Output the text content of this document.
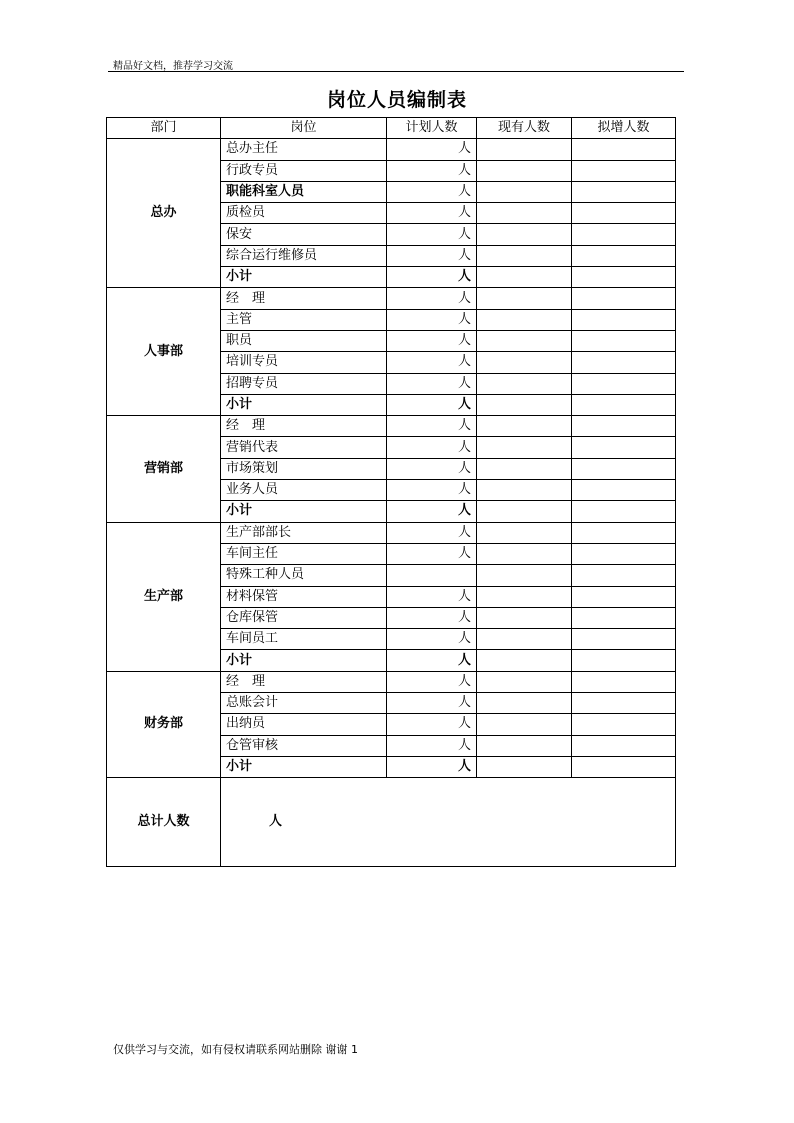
精品好文档，推荐学习交流
岗位人员编制表
部门	岗位	计划人数	现有人数	拟增人数
总办	总办主任	人		
	行政专员	人		
	职能科室人员	人		
	质检员	人		
	保安	人		
	综合运行维修员	人		
	小计	人		
人事部	经　理	人		
	主管	人		
	职员	人		
	培训专员	人		
	招聘专员	人		
	小计	人		
营销部	经　理	人		
	营销代表	人		
	市场策划	人		
	业务人员	人		
	小计	人		
生产部	生产部部长	人		
	车间主任	人		
	特殊工种人员			
	材料保管	人		
	仓库保管	人		
	车间员工	人		
	小计	人		
财务部	经　理	人		
	总账会计	人		
	出纳员	人		
	仓管审核	人		
	小计	人		
总计人数	人			
仅供学习与交流，如有侵权请联系网站删除 谢谢 1
